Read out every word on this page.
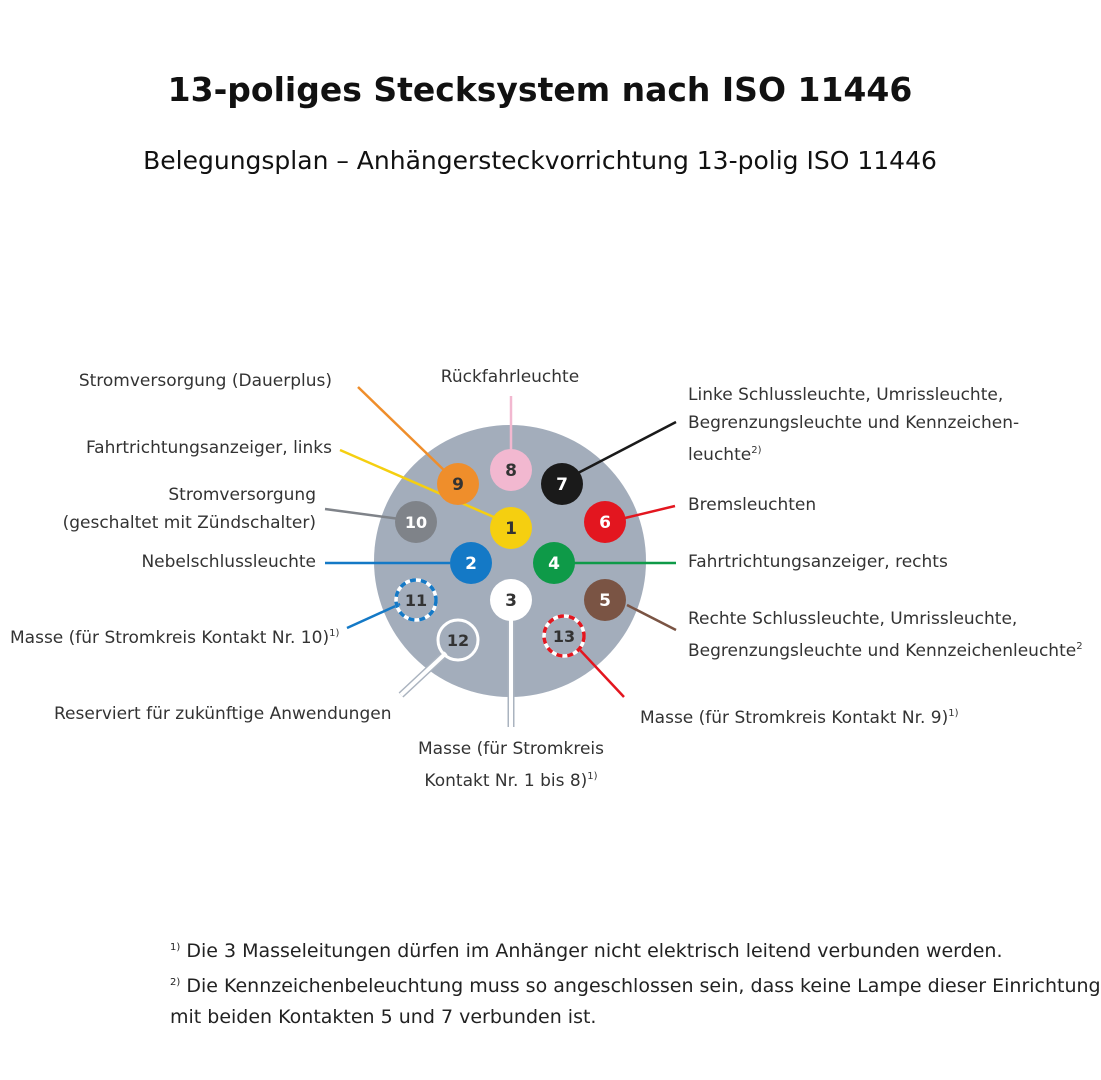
13-poliges Stecksystem nach ISO 11446
Belegungsplan – Anhängersteckvorrichtung 13-polig ISO 11446
1
2
3
4
5
6
7
8
9
10
11
12	13
Stromversorgung (Dauerplus)	Rückfahrleuchte
Linke Schlussleuchte, Umrissleuchte,
Begrenzungsleuchte und Kennzeichen-
leuchte$^{2)}$
Fahrtrichtungsanzeiger, links
Stromversorgung
(geschaltet mit Zündschalter)
Bremsleuchten
Nebelschlussleuchte	Fahrtrichtungsanzeiger, rechts
Masse (für Stromkreis Kontakt Nr. 10)$^{1)}$
Rechte Schlussleuchte, Umrissleuchte,
Begrenzungsleuchte und Kennzeichenleuchte$^2$
Reserviert für zukünftige Anwendungen	Masse (für Stromkreis Kontakt Nr. 9)$^{1)}$
Masse (für Stromkreis
Kontakt Nr. 1 bis 8)$^{1)}$
$^{1)}$ Die 3 Masseleitungen dürfen im Anhänger nicht elektrisch leitend verbunden werden.
$^{2)}$ Die Kennzeichenbeleuchtung muss so angeschlossen sein, dass keine Lampe dieser Einrichtung
mit beiden Kontakten 5 und 7 verbunden ist.
